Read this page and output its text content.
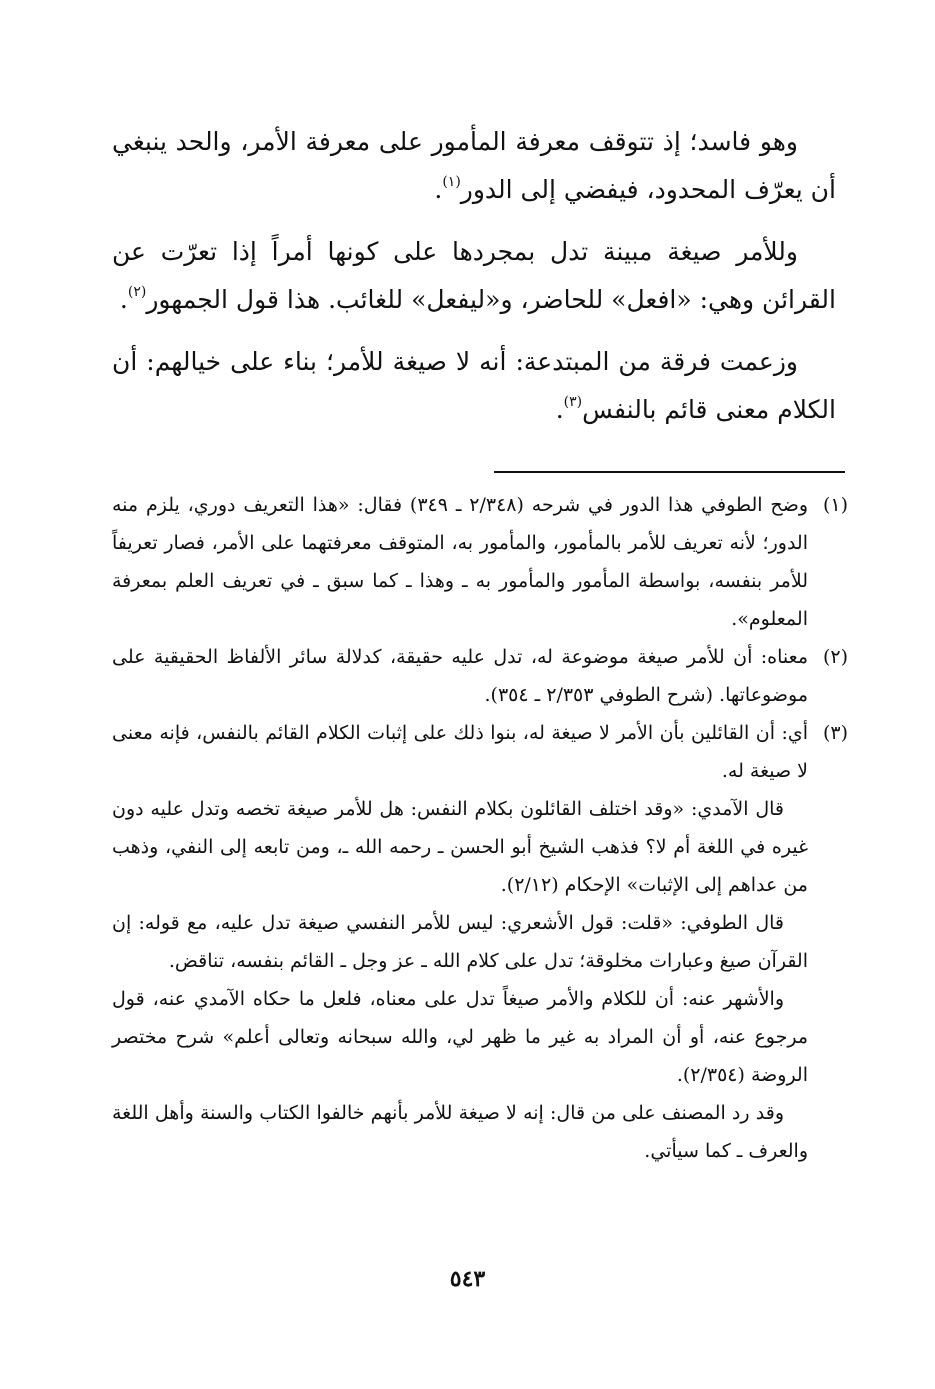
وهو فاسد؛ إذ تتوقف معرفة المأمور على معرفة الأمر، والحد ينبغي أن يعرّف المحدود، فيفضي إلى الدور$^{(١)}$.

وللأمر صيغة مبينة تدل بمجردها على كونها أمراً إذا تعرّت عن القرائن وهي: «افعل» للحاضر، و«ليفعل» للغائب. هذا قول الجمهور$^{(٢)}$.

وزعمت فرقة من المبتدعة: أنه لا صيغة للأمر؛ بناء على خيالهم: أن الكلام معنى قائم بالنفس$^{(٣)}$.

(١)

وضح الطوفي هذا الدور في شرحه (٢/٣٤٨ ـ ٣٤٩) فقال: «هذا التعريف دوري، يلزم منه الدور؛ لأنه تعريف للأمر بالمأمور، والمأمور به، المتوقف معرفتهما على الأمر، فصار تعريفاً للأمر بنفسه، بواسطة المأمور والمأمور به ـ وهذا ـ كما سبق ـ في تعريف العلم بمعرفة المعلوم».

(٢)

معناه: أن للأمر صيغة موضوعة له، تدل عليه حقيقة، كدلالة سائر الألفاظ الحقيقية على موضوعاتها. (شرح الطوفي ٢/٣٥٣ ـ ٣٥٤).

(٣)

أي: أن القائلين بأن الأمر لا صيغة له، بنوا ذلك على إثبات الكلام القائم بالنفس، فإنه معنى لا صيغة له.

قال الآمدي: «وقد اختلف القائلون بكلام النفس: هل للأمر صيغة تخصه وتدل عليه دون غيره في اللغة أم لا؟ فذهب الشيخ أبو الحسن ـ رحمه الله ـ، ومن تابعه إلى النفي، وذهب من عداهم إلى الإثبات» الإحكام (٢/١٢).

قال الطوفي: «قلت: قول الأشعري: ليس للأمر النفسي صيغة تدل عليه، مع قوله: إن القرآن صيغ وعبارات مخلوقة؛ تدل على كلام الله ـ عز وجل ـ القائم بنفسه، تناقض.

والأشهر عنه: أن للكلام والأمر صيغاً تدل على معناه، فلعل ما حكاه الآمدي عنه، قول مرجوع عنه، أو أن المراد به غير ما ظهر لي، والله سبحانه وتعالى أعلم» شرح مختصر الروضة (٢/٣٥٤).

وقد رد المصنف على من قال: إنه لا صيغة للأمر بأنهم خالفوا الكتاب والسنة وأهل اللغة والعرف ـ كما سيأتي.

٥٤٣
